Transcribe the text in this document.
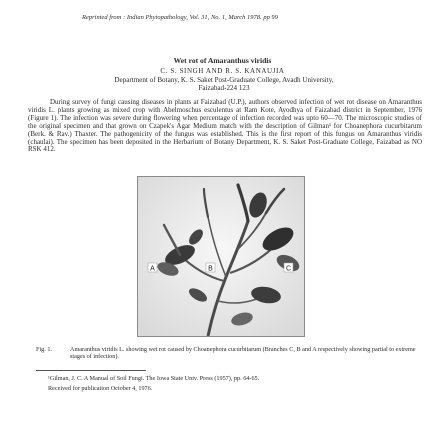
Reprinted from : Indian Phytopathology, Vol. 31, No. 1, March 1978. pp 99
Wet rot of Amaranthus viridis
C. S. SINGH AND R. S. KANAUJIA
Department of Botany, K. S. Saket Post-Graduate College, Avadh University,
Faizabad-224 123
During survey of fungi causing diseases in plants at Faizabad (U.P.), authors observed infection of wet rot disease on Amaranthus viridis L. plants growing as mixed crop with Abelmoschus esculentus at Ram Kote, Ayodhya of Faizabad district in September, 1976 (Figure 1). The infection was severe during flowering when percentage of infection recorded was upto 60—70. The microscopic studies of the original specimen and that grown on Czapek's Agar Medium match with the description of Gilman¹ for Choanephora cucurbitarum (Berk. & Rav.) Thaxter. The pathogenicity of the fungus was established. This is the first report of this fungus on Amaranthus viridis (chaulai). The specimen has been deposited in the Herbarium of Botany Department, K. S. Saket Post-Graduate College, Faizabad as NO RSK 412.
A	B	C
Fig. 1.	Amaranthus viridis L. showing wet rot caused by Choanephora cucurbitarum (Branches C, B and A respectively showing partial to extreme stages of infection).
¹Gilman, J. C. A Manual of Soil Fungi. The Iowa State Univ. Press (1957), pp. 64-65.
Received for publication October 4, 1976.
